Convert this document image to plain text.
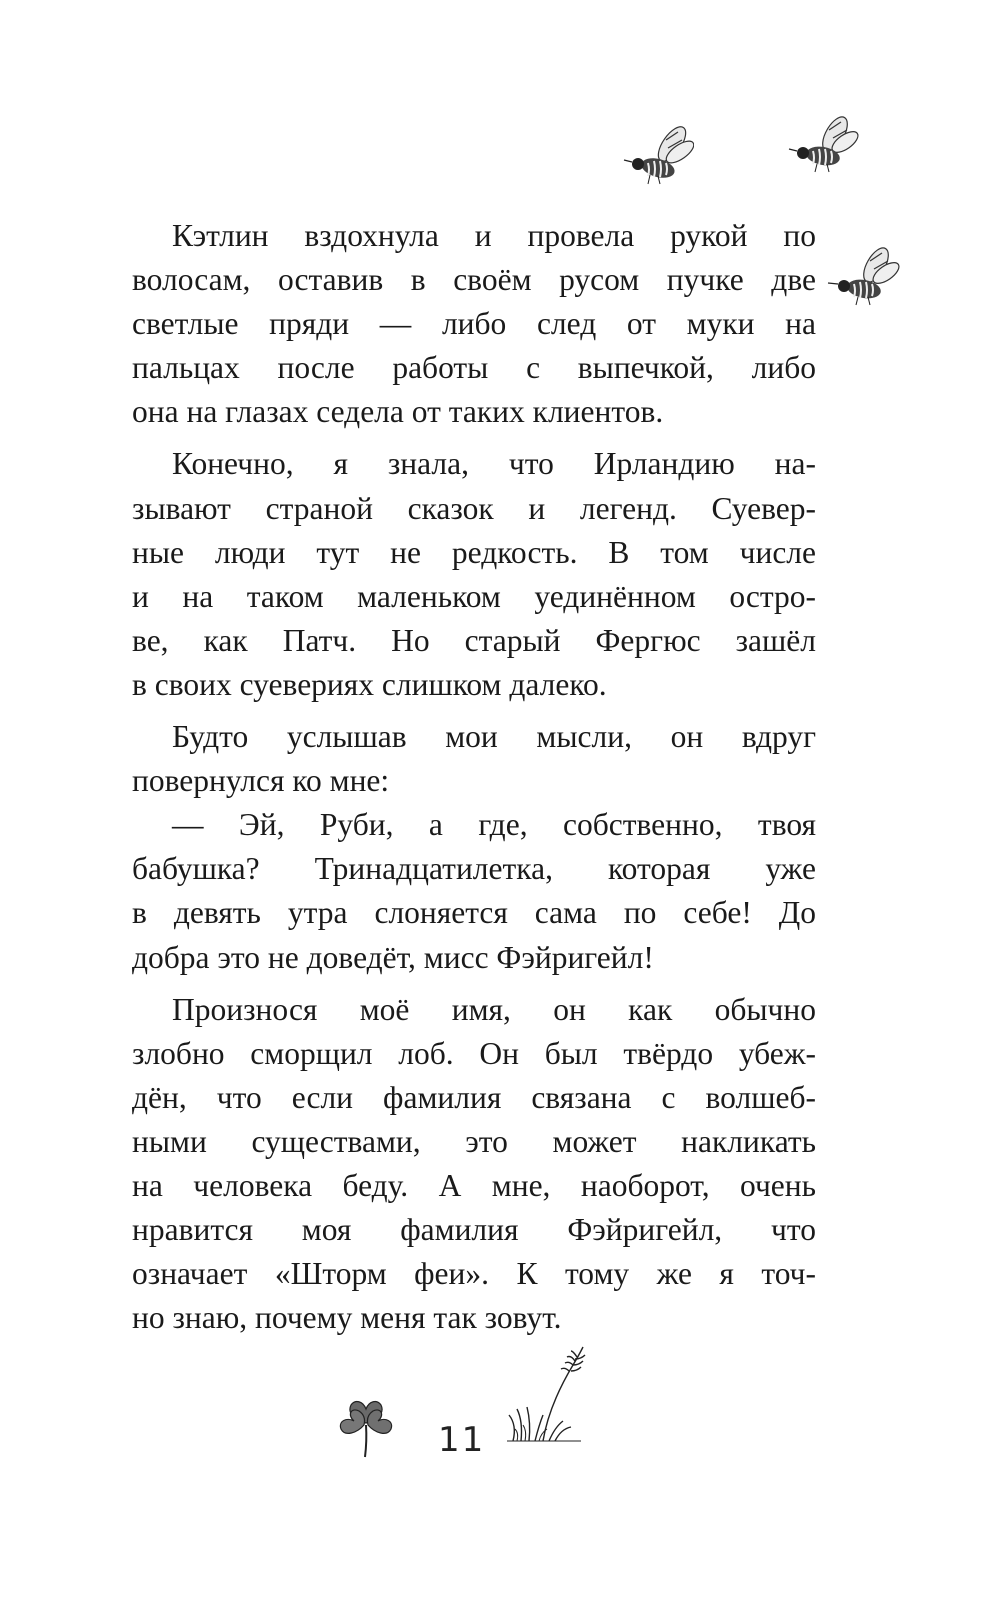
Кэтлин вздохнула и провела рукой по
волосам, оставив в своём русом пучке две
светлые пряди — либо след от муки на
пальцах после работы с выпечкой, либо
она на глазах седела от таких клиентов.
Конечно, я знала, что Ирландию на-
зывают страной сказок и легенд. Суевер-
ные люди тут не редкость. В том числе
и на таком маленьком уединённом остро-
ве, как Патч. Но старый Фергюс зашёл
в своих суевериях слишком далеко.
Будто услышав мои мысли, он вдруг
повернулся ко мне:
— Эй, Руби, а где, собственно, твоя
бабушка? Тринадцатилетка, которая уже
в девять утра слоняется сама по себе! До
добра это не доведёт, мисс Фэйригейл!
Произнося моё имя, он как обычно
злобно сморщил лоб. Он был твёрдо убеж-
дён, что если фамилия связана с волшеб-
ными существами, это может накликать
на человека беду. А мне, наоборот, очень
нравится моя фамилия Фэйригейл, что
означает «Шторм феи». К тому же я точ-
но знаю, почему меня так зовут.
11
